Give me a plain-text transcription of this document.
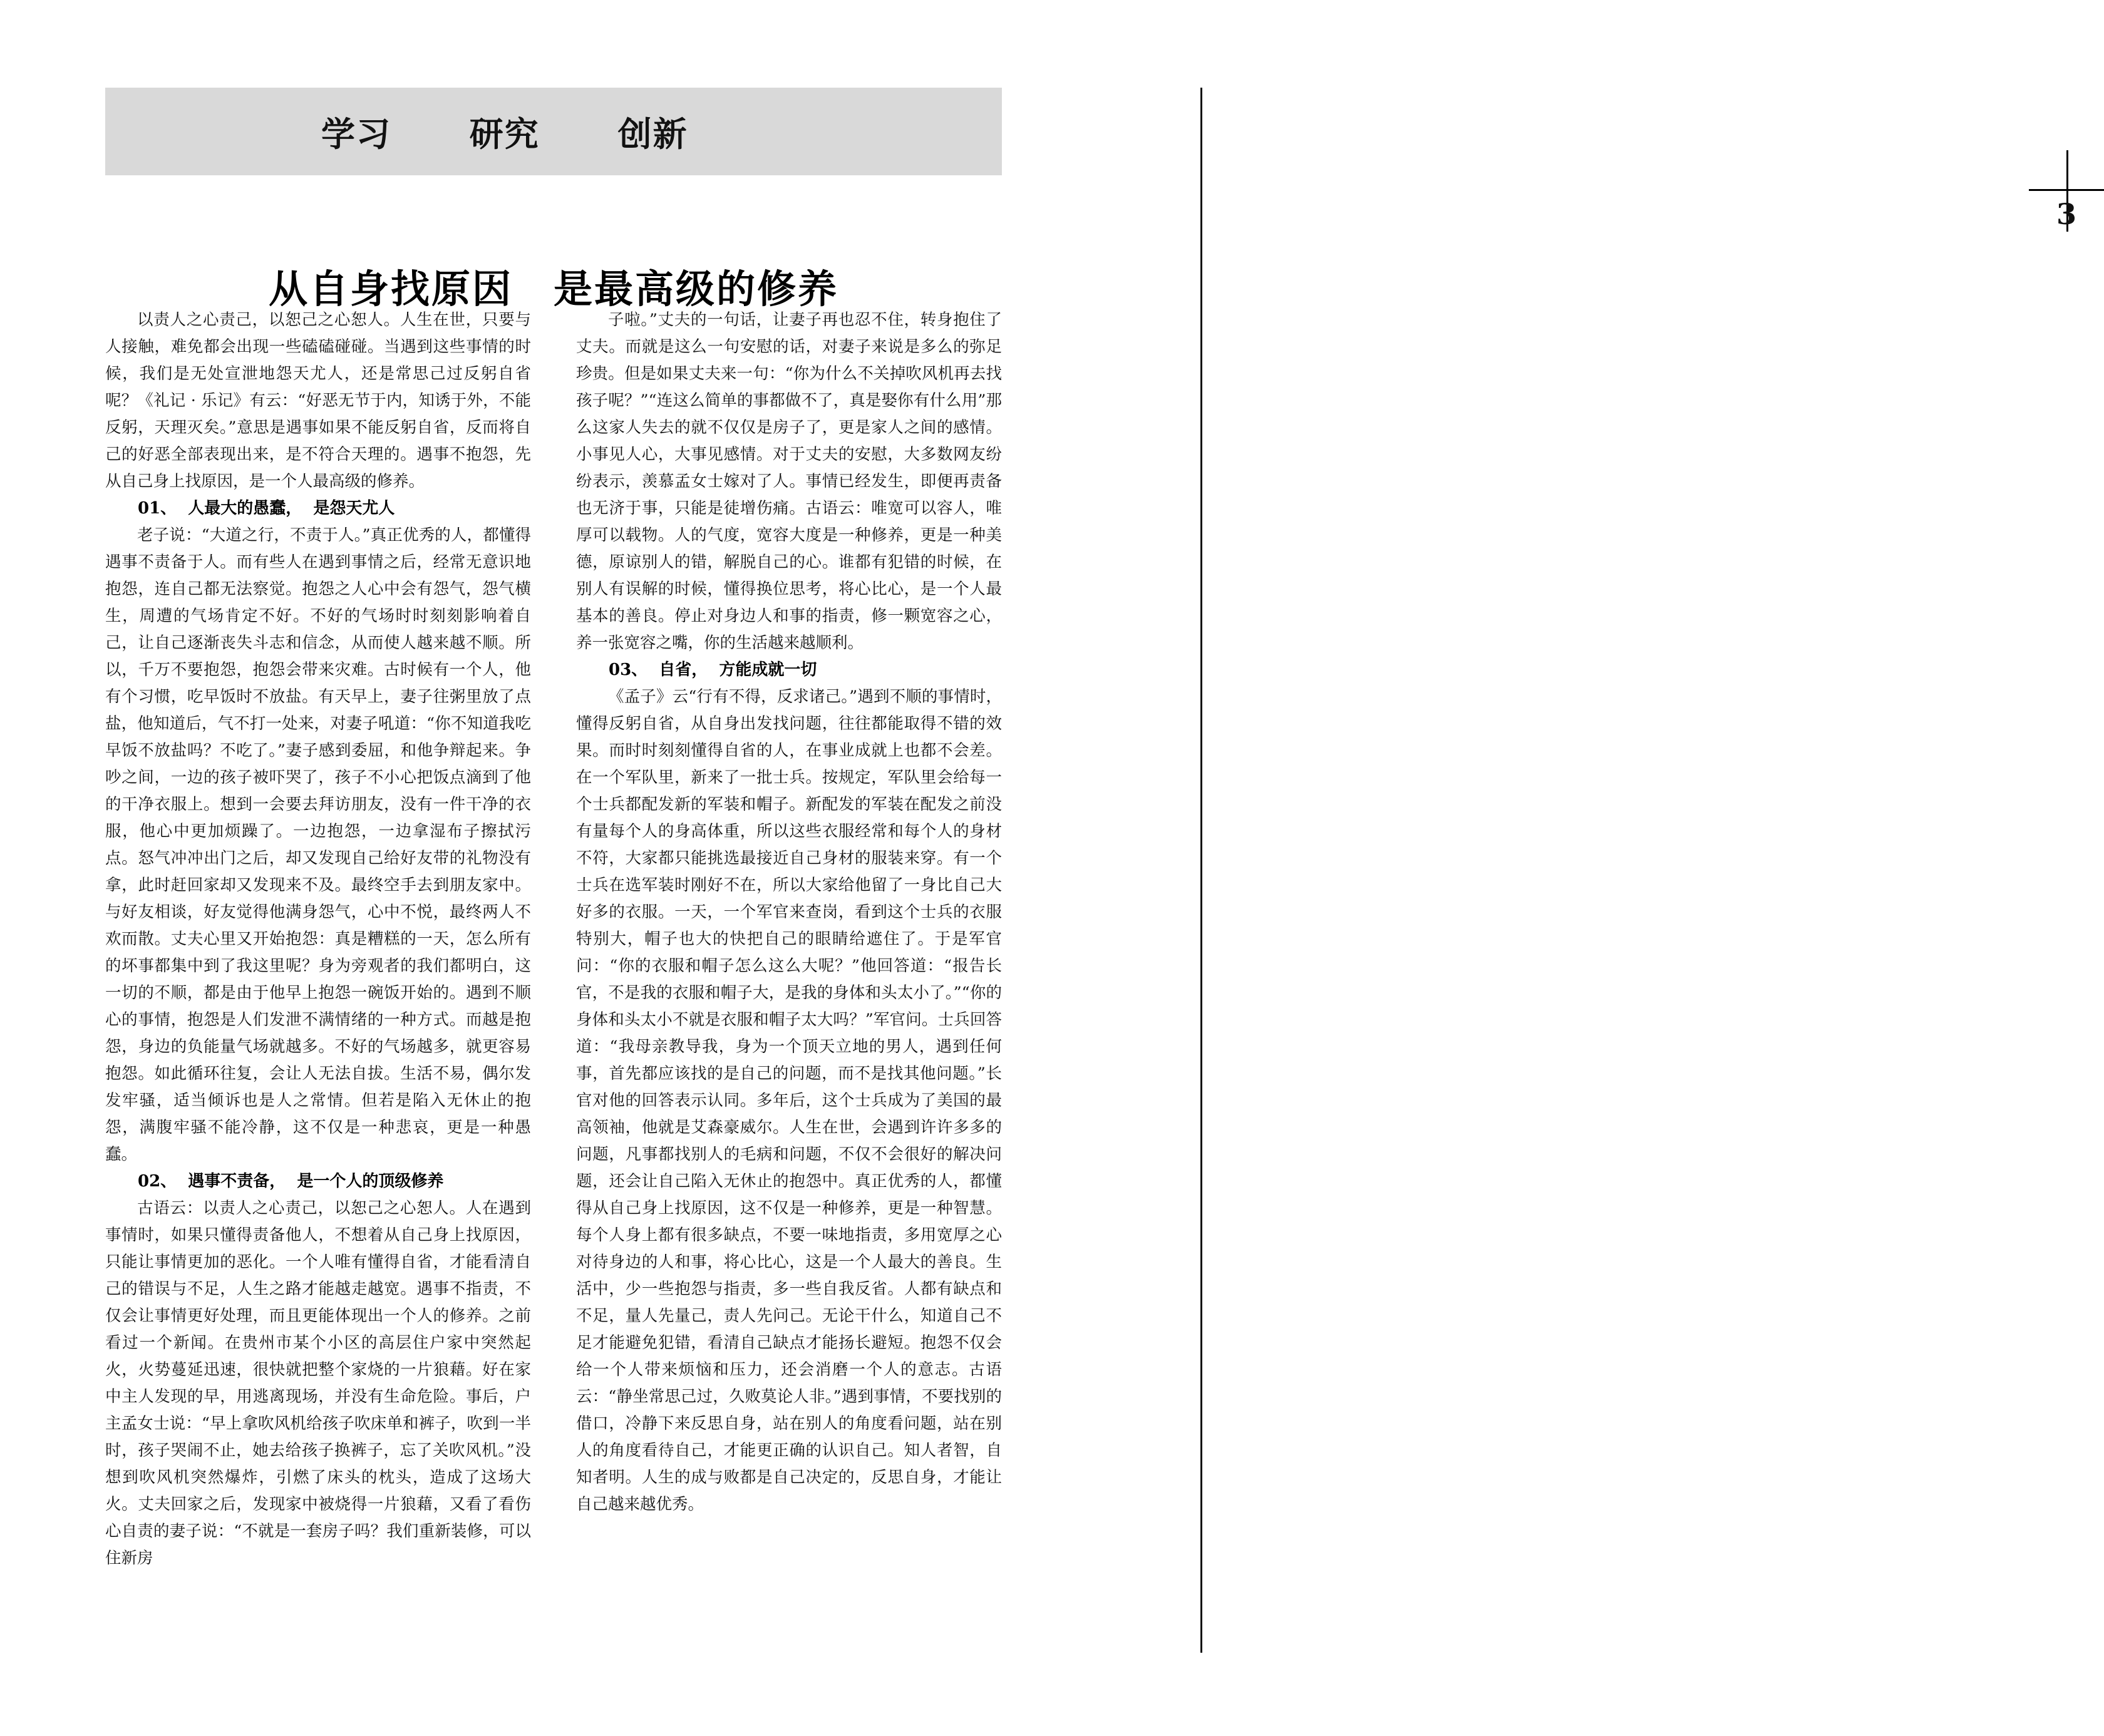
学习      研究      创新
3
从自身找原因　是最高级的修养

以责人之心责己，以恕己之心恕人。人生在世，只要与人接触，难免都会出现一些磕磕碰碰。当遇到这些事情的时候，我们是无处宣泄地怨天尤人，还是常思己过反躬自省呢？《礼记 · 乐记》有云：“好恶无节于内，知诱于外，不能反躬，天理灭矣。”意思是遇事如果不能反躬自省，反而将自己的好恶全部表现出来，是不符合天理的。遇事不抱怨，先从自己身上找原因，是一个人最高级的修养。

01、  人最大的愚蠢，  是怨天尤人

老子说：“大道之行，不责于人。”真正优秀的人，都懂得遇事不责备于人。而有些人在遇到事情之后，经常无意识地抱怨，连自己都无法察觉。抱怨之人心中会有怨气，怨气横生，周遭的气场肯定不好。不好的气场时时刻刻影响着自己，让自己逐渐丧失斗志和信念，从而使人越来越不顺。所以，千万不要抱怨，抱怨会带来灾难。古时候有一个人，他有个习惯，吃早饭时不放盐。有天早上，妻子往粥里放了点盐，他知道后，气不打一处来，对妻子吼道：“你不知道我吃早饭不放盐吗？不吃了。”妻子感到委屈，和他争辩起来。争吵之间，一边的孩子被吓哭了，孩子不小心把饭点滴到了他的干净衣服上。想到一会要去拜访朋友，没有一件干净的衣服，他心中更加烦躁了。一边抱怨，一边拿湿布子擦拭污点。怒气冲冲出门之后，却又发现自己给好友带的礼物没有拿，此时赶回家却又发现来不及。最终空手去到朋友家中。与好友相谈，好友觉得他满身怨气，心中不悦，最终两人不欢而散。丈夫心里又开始抱怨：真是糟糕的一天，怎么所有的坏事都集中到了我这里呢？身为旁观者的我们都明白，这一切的不顺，都是由于他早上抱怨一碗饭开始的。遇到不顺心的事情，抱怨是人们发泄不满情绪的一种方式。而越是抱怨，身边的负能量气场就越多。不好的气场越多，就更容易抱怨。如此循环往复，会让人无法自拔。生活不易，偶尔发发牢骚，适当倾诉也是人之常情。但若是陷入无休止的抱怨，满腹牢骚不能冷静，这不仅是一种悲哀，更是一种愚蠢。

02、  遇事不责备，  是一个人的顶级修养

古语云：以责人之心责己，以恕己之心恕人。人在遇到事情时，如果只懂得责备他人，不想着从自己身上找原因，只能让事情更加的恶化。一个人唯有懂得自省，才能看清自己的错误与不足，人生之路才能越走越宽。遇事不指责，不仅会让事情更好处理，而且更能体现出一个人的修养。之前看过一个新闻。在贵州市某个小区的高层住户家中突然起火，火势蔓延迅速，很快就把整个家烧的一片狼藉。好在家中主人发现的早，用逃离现场，并没有生命危险。事后，户主孟女士说：“早上拿吹风机给孩子吹床单和裤子，吹到一半时，孩子哭闹不止，她去给孩子换裤子，忘了关吹风机。”没想到吹风机突然爆炸，引燃了床头的枕头，造成了这场大火。丈夫回家之后，发现家中被烧得一片狼藉，又看了看伤心自责的妻子说：“不就是一套房子吗？我们重新装修，可以住新房

子啦。”丈夫的一句话，让妻子再也忍不住，转身抱住了丈夫。而就是这么一句安慰的话，对妻子来说是多么的弥足珍贵。但是如果丈夫来一句：“你为什么不关掉吹风机再去找孩子呢？”“连这么简单的事都做不了，真是娶你有什么用”那么这家人失去的就不仅仅是房子了，更是家人之间的感情。小事见人心，大事见感情。对于丈夫的安慰，大多数网友纷纷表示，羡慕孟女士嫁对了人。事情已经发生，即便再责备也无济于事，只能是徒增伤痛。古语云：唯宽可以容人，唯厚可以载物。人的气度，宽容大度是一种修养，更是一种美德，原谅别人的错，解脱自己的心。谁都有犯错的时候，在别人有误解的时候，懂得换位思考，将心比心，是一个人最基本的善良。停止对身边人和事的指责，修一颗宽容之心，养一张宽容之嘴，你的生活越来越顺利。

03、  自省，  方能成就一切

《孟子》云“行有不得，反求诸己。”遇到不顺的事情时，懂得反躬自省，从自身出发找问题，往往都能取得不错的效果。而时时刻刻懂得自省的人，在事业成就上也都不会差。在一个军队里，新来了一批士兵。按规定，军队里会给每一个士兵都配发新的军装和帽子。新配发的军装在配发之前没有量每个人的身高体重，所以这些衣服经常和每个人的身材不符，大家都只能挑选最接近自己身材的服装来穿。有一个士兵在选军装时刚好不在，所以大家给他留了一身比自己大好多的衣服。一天，一个军官来查岗，看到这个士兵的衣服特别大，帽子也大的快把自己的眼睛给遮住了。于是军官问：“你的衣服和帽子怎么这么大呢？”他回答道：“报告长官，不是我的衣服和帽子大，是我的身体和头太小了。”“你的身体和头太小不就是衣服和帽子太大吗？”军官问。士兵回答道：“我母亲教导我，身为一个顶天立地的男人，遇到任何事，首先都应该找的是自己的问题，而不是找其他问题。”长官对他的回答表示认同。多年后，这个士兵成为了美国的最高领袖，他就是艾森豪威尔。人生在世，会遇到许许多多的问题，凡事都找别人的毛病和问题，不仅不会很好的解决问题，还会让自己陷入无休止的抱怨中。真正优秀的人，都懂得从自己身上找原因，这不仅是一种修养，更是一种智慧。每个人身上都有很多缺点，不要一味地指责，多用宽厚之心对待身边的人和事，将心比心，这是一个人最大的善良。生活中，少一些抱怨与指责，多一些自我反省。人都有缺点和不足，量人先量己，责人先问己。无论干什么，知道自己不足才能避免犯错，看清自己缺点才能扬长避短。抱怨不仅会给一个人带来烦恼和压力，还会消磨一个人的意志。古语云：“静坐常思己过，久败莫论人非。”遇到事情，不要找别的借口，冷静下来反思自身，站在别人的角度看问题，站在别人的角度看待自己，才能更正确的认识自己。知人者智，自知者明。人生的成与败都是自己决定的，反思自身，才能让自己越来越优秀。
